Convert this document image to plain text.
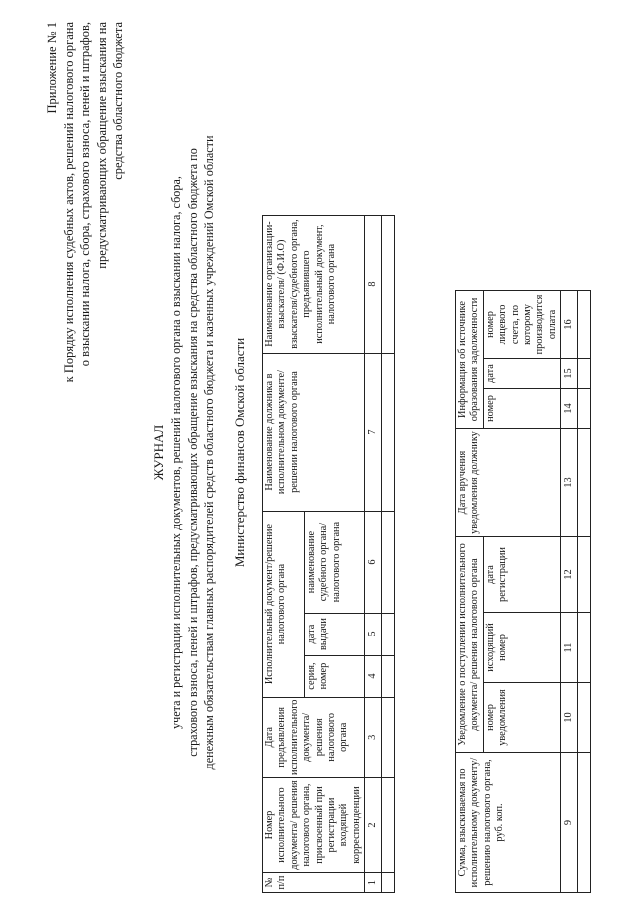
Приложение № 1 к Порядку исполнения судебных актов, решений налогового органа о взыскании налога, сбора, страхового взноса, пеней и штрафов, предусматривающих обращение взыскания на средства областного бюджета
ЖУРНАЛ учета и регистрации исполнительных документов, решений налогового органа о взыскании налога, сбора, страхового взноса, пеней и штрафов, предусматривающих обращение взыскания на средства областного бюджета по денежным обязательствам главных распорядителей средств областного бюджета и казенных учреждений Омской области Министерство финансов Омской области
№ п/п	Номер исполнительного документа/ решения налогового органа, присвоенный при регистрации входящей корреспонденции	Дата предъявления исполнительного документа/ решения налогового органа	Исполнительный документ/решение налогового органа			Наименование должника в исполнительном документе/решении налогового органа	Наименование организации-взыскателя/ (Ф.И.О) взыскателя/судебного органа, предъявившего исполнительный документ, налогового органа
			серия, номер	дата выдачи	наименование судебного органа/ налогового органа		
1	2	3	4	5	6	7	8

Сумма, взыскиваемая по исполнительному документу/решению налогового органа, руб. коп.	Уведомление о поступлении исполнительного документа/ решения налогового органа			Дата вручения уведомления должнику	Информация об источнике образования задолженности		
	номер уведомления	исходящий номер	дата регистрации		номер	дата	номер лицевого счета, по которому производится оплата
9	10	11	12	13	14	15	16
